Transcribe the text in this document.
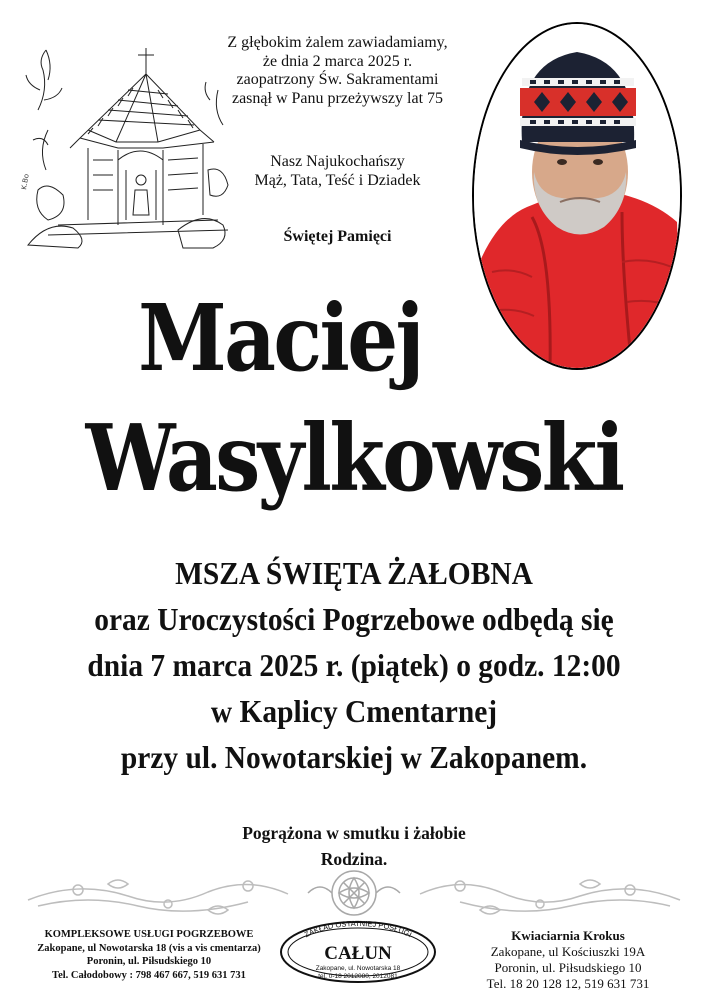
K.Bo
Z głębokim żalem zawiadamiamy,
że dnia 2 marca 2025 r.
zaopatrzony Św. Sakramentami
zasnął w Panu przeżywszy lat 75
Nasz Najukochańszy
Mąż, Tata, Teść i Dziadek
Świętej Pamięci
Maciej
Wasylkowski
MSZA ŚWIĘTA ŻAŁOBNA
oraz Uroczystości Pogrzebowe odbędą się
dnia 7 marca 2025 r. (piątek) o godz. 12:00
w Kaplicy Cmentarnej
przy ul. Nowotarskiej w Zakopanem.
Pogrążona w smutku i żałobie
Rodzina.
KOMPLEKSOWE USŁUGI POGRZEBOWE
Zakopane, ul Nowotarska 18 (vis a vis cmentarza)
Poronin, ul. Piłsudskiego 10
Tel. Całodobowy : 798 467 667, 519 631 731
ZAKŁAD OSTATNIEJ POSŁUGI
CAŁUN
Zakopane, ul. Nowotarska 18
tel. 0-18 2012080, 2012081
Kwiaciarnia Krokus
Zakopane, ul Kościuszki 19A
Poronin, ul. Piłsudskiego 10
Tel. 18 20 128 12, 519 631 731
